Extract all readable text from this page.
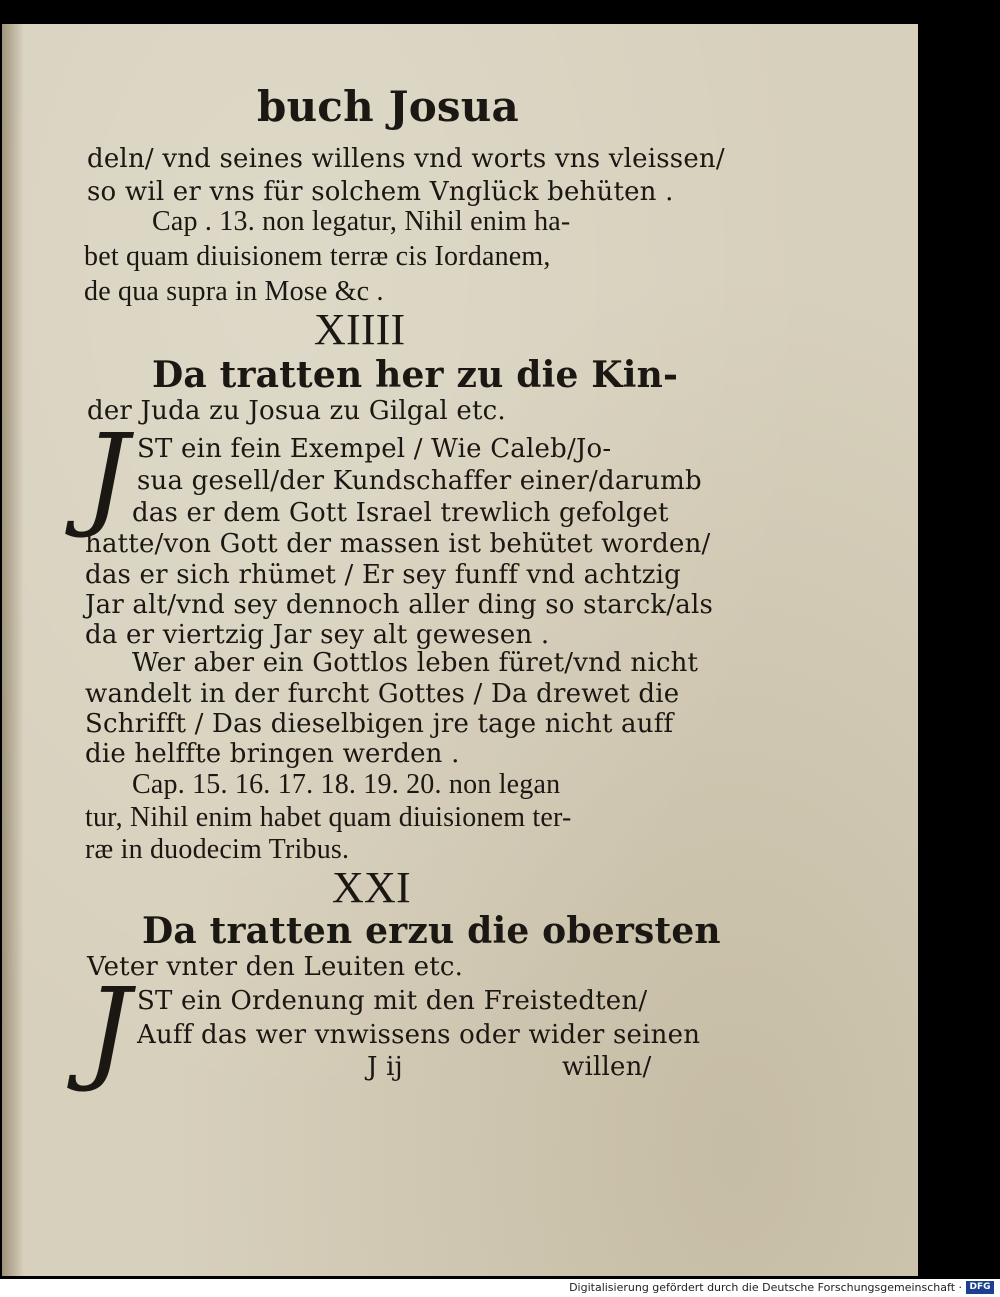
buch Josua
deln/ vnd seines willens vnd worts vns vleissen/
so wil er vns für solchem Vnglück behüten .
Cap . 13. non legatur, Nihil enim ha-
bet quam diuisionem terræ cis Iordanem,
de qua supra in Mose &c .
XIIII
Da tratten her zu die Kin-
der Juda zu Josua zu Gilgal etc.
J ST ein fein Exempel / Wie Caleb/Jo-
sua gesell/der Kundschaffer einer/darumb
das er dem Gott Israel trewlich gefolget
hatte/von Gott der massen ist behütet worden/
das er sich rhümet / Er sey funff vnd achtzig
Jar alt/vnd sey dennoch aller ding so starck/als
da er viertzig Jar sey alt gewesen .
Wer aber ein Gottlos leben füret/vnd nicht
wandelt in der furcht Gottes / Da drewet die
Schrifft / Das dieselbigen jre tage nicht auff
die helffte bringen werden .
Cap. 15. 16. 17. 18. 19. 20. non legan
tur, Nihil enim habet quam diuisionem ter-
ræ in duodecim Tribus.
XXI
Da tratten erzu die obersten
Veter vnter den Leuiten etc.
J ST ein Ordenung mit den Freistedten/
Auff das wer vnwissens oder wider seinen
J ij	willen/
Digitalisierung gefördert durch die Deutsche Forschungsgemeinschaft · DFG
